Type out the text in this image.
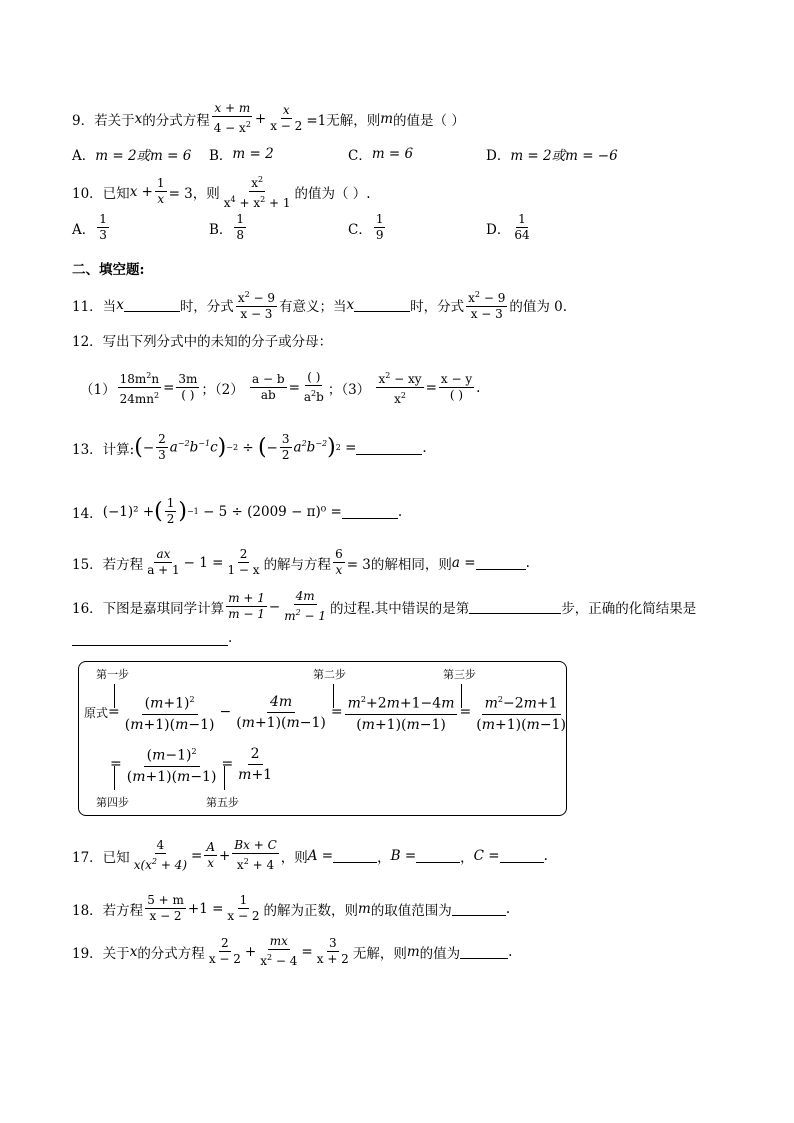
9．若关于 x 的分式方程 $\frac{x + m}{4 - x^2} + \frac{x}{x - 2} =1$无解，则 m 的值是（ ）
A． m = 2或m = 6 B． m = 2	C． m = 6	D． m = 2或m = −6
10．已知 $x + \frac{1}{x} = 3$，则 $\frac{x^2}{x^4 + x^2 + 1}$ 的值为（ ）.
A． $\frac{1}{3}$	B． $\frac{1}{8}$	C． $\frac{1}{9}$	D． $\frac{1}{64}$
二、填空题:
11．当 x	时，分式 $\frac{x^2 - 9}{x - 3}$ 有意义；当 x	时，分式 $\frac{x^2 - 9}{x - 3}$ 的值为 0.
12．写出下列分式中的未知的分子或分母：
$(1) \frac{18m^2n}{24mn^2} = \frac{3m}{( )}$ ；（2）
$\frac{a - b}{ab} = \frac{( )}{a^2b}$ ；（3）
$\frac{x^2 - xy}{x^2} = \frac{x - y}{( )}$ .
13．计算: ( − $\frac{2}{3} a^{-2}b^{-1}c$ ) −2 ÷ ( − $\frac{3}{2} a^2b^{-2}$ ) 2 =	.
14． (−1)² + ( $\frac{1}{2}$ ) −1
− 5 ÷ (2009 − π)⁰ =	.
15．若方程 $\frac{ax}{a + 1} - 1 = \frac{2}{1 - x}$ 的解与方程 $\frac{6}{x} = 3$的解相同，则 a =	.
16．下图是嘉琪同学计算 $\frac{m + 1}{m - 1} - \frac{4m}{m^2 - 1}$ 的过程.其中错误的是第	步，正确的化简结果是
.
第一步	第二步	第三步
第四步	第五步
原式 =
$(m+1)^2$
(m+1)(m−1)
−
4m
(m+1)(m−1)
=
$m^2+2m+1-4m$
(m+1)(m−1)
=
$m^2-2m+1$
(m+1)(m−1)
=
$(m-1)^2$
(m+1)(m−1)
=
2
m+1
17．已知 $\frac{4}{x(x^2 + 4)} = \frac{A}{x} + \frac{Bx + C}{x^2 + 4}$ ，则 A =	， B =	， C =	.
18．若方程 $\frac{5 + m}{x - 2} +1 = \frac{1}{x - 2}$ 的解为正数，则 m 的取值范围为	.
19．关于 x 的分式方程 $\frac{2}{x - 2} + \frac{mx}{x^2 - 4} = \frac{3}{x + 2}$ 无解，则 m 的值为	.
